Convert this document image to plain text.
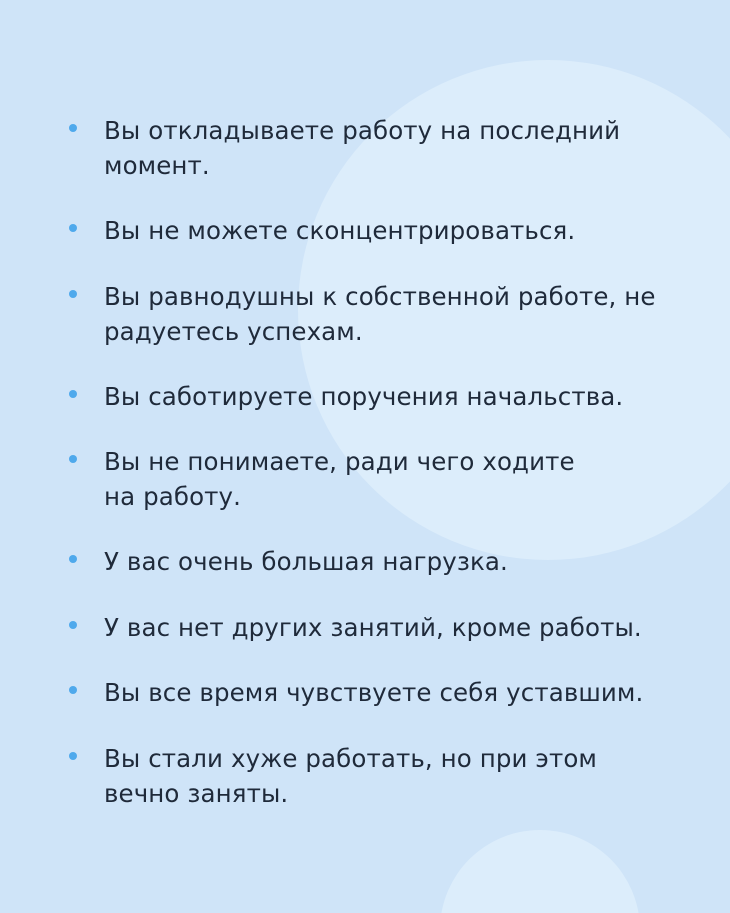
Вы откладываете работу на последний момент.
Вы не можете сконцентрироваться.
Вы равнодушны к собственной работе, не радуетесь успехам.
Вы саботируете поручения начальства.
Вы не понимаете, ради чего ходите на работу.
У вас очень большая нагрузка.
У вас нет других занятий, кроме работы.
Вы все время чувствуете себя уставшим.
Вы стали хуже работать, но при этом вечно заняты.
